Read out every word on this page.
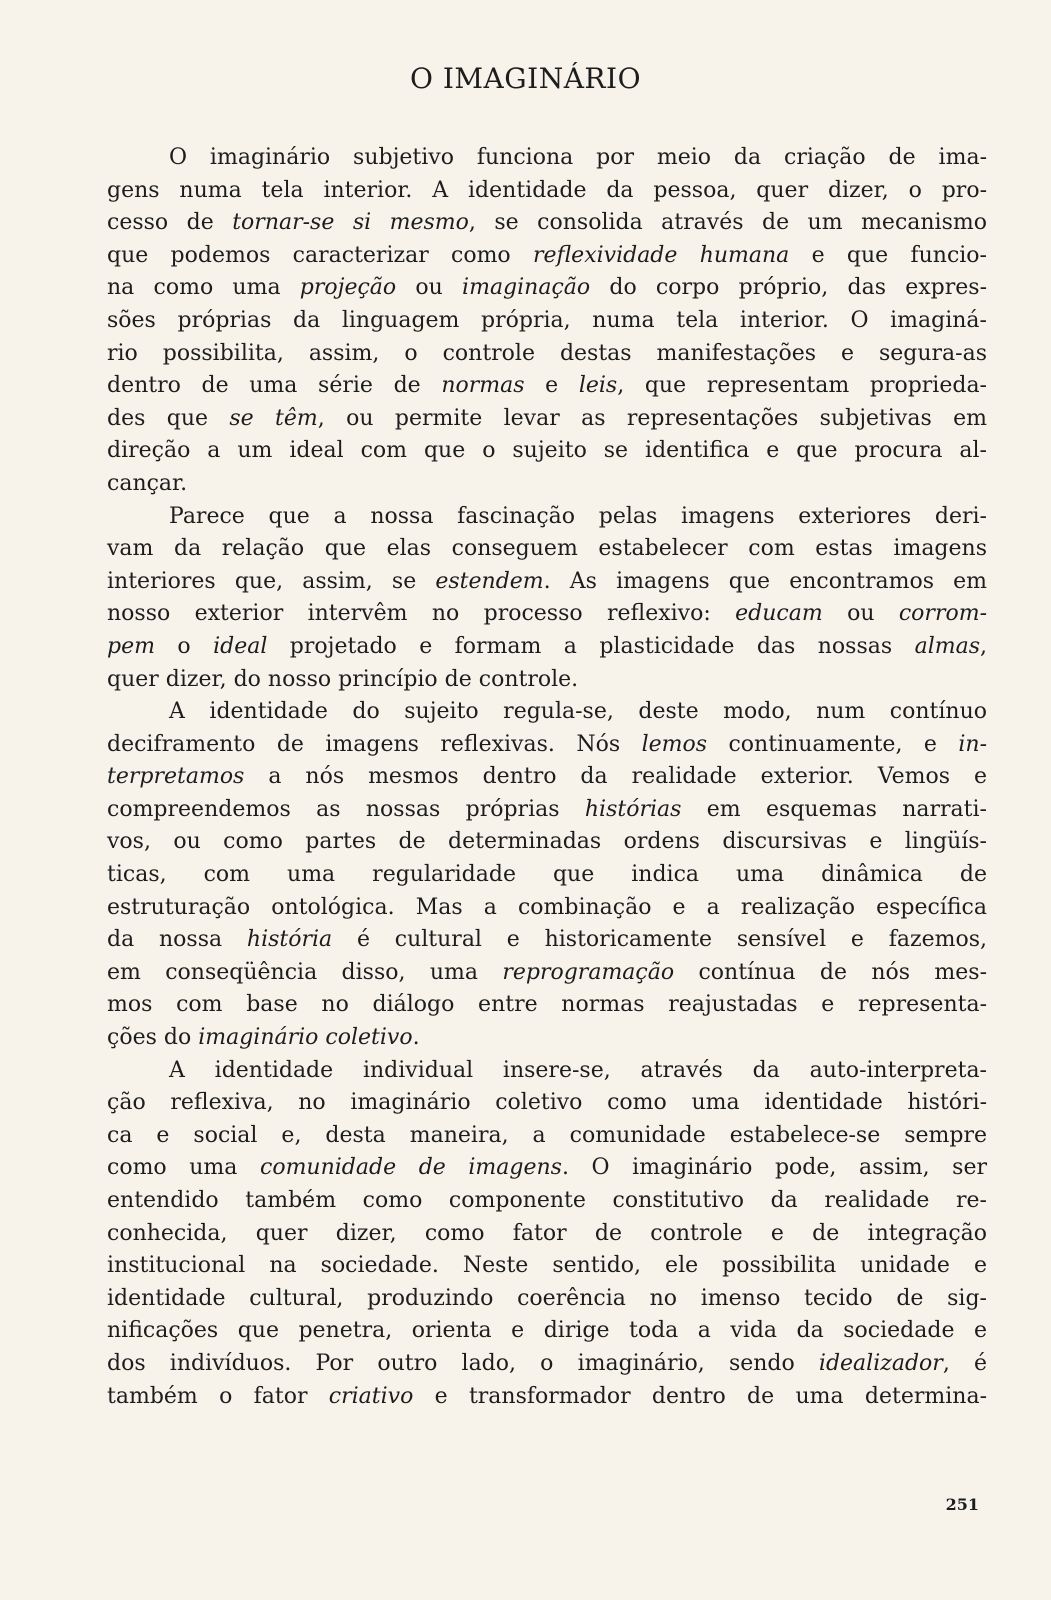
O IMAGINÁRIO
O imaginário subjetivo funciona por meio da criação de ima-
gens numa tela interior. A identidade da pessoa, quer dizer, o pro-
cesso de tornar-se si mesmo, se consolida através de um mecanismo
que podemos caracterizar como reflexividade humana e que funcio-
na como uma projeção ou imaginação do corpo próprio, das expres-
sões próprias da linguagem própria, numa tela interior. O imaginá-
rio possibilita, assim, o controle destas manifestações e segura-as
dentro de uma série de normas e leis, que representam proprieda-
des que se têm, ou permite levar as representações subjetivas em
direção a um ideal com que o sujeito se identifica e que procura al-
cançar.
Parece que a nossa fascinação pelas imagens exteriores deri-
vam da relação que elas conseguem estabelecer com estas imagens
interiores que, assim, se estendem. As imagens que encontramos em
nosso exterior intervêm no processo reflexivo: educam ou corrom-
pem o ideal projetado e formam a plasticidade das nossas almas,
quer dizer, do nosso princípio de controle.
A identidade do sujeito regula-se, deste modo, num contínuo
deciframento de imagens reflexivas. Nós lemos continuamente, e in-
terpretamos a nós mesmos dentro da realidade exterior. Vemos e
compreendemos as nossas próprias histórias em esquemas narrati-
vos, ou como partes de determinadas ordens discursivas e lingüís-
ticas, com uma regularidade que indica uma dinâmica de
estruturação ontológica. Mas a combinação e a realização específica
da nossa história é cultural e historicamente sensível e fazemos,
em conseqüência disso, uma reprogramação contínua de nós mes-
mos com base no diálogo entre normas reajustadas e representa-
ções do imaginário coletivo.
A identidade individual insere-se, através da auto-interpreta-
ção reflexiva, no imaginário coletivo como uma identidade históri-
ca e social e, desta maneira, a comunidade estabelece-se sempre
como uma comunidade de imagens. O imaginário pode, assim, ser
entendido também como componente constitutivo da realidade re-
conhecida, quer dizer, como fator de controle e de integração
institucional na sociedade. Neste sentido, ele possibilita unidade e
identidade cultural, produzindo coerência no imenso tecido de sig-
nificações que penetra, orienta e dirige toda a vida da sociedade e
dos indivíduos. Por outro lado, o imaginário, sendo idealizador, é
também o fator criativo e transformador dentro de uma determina-
251
